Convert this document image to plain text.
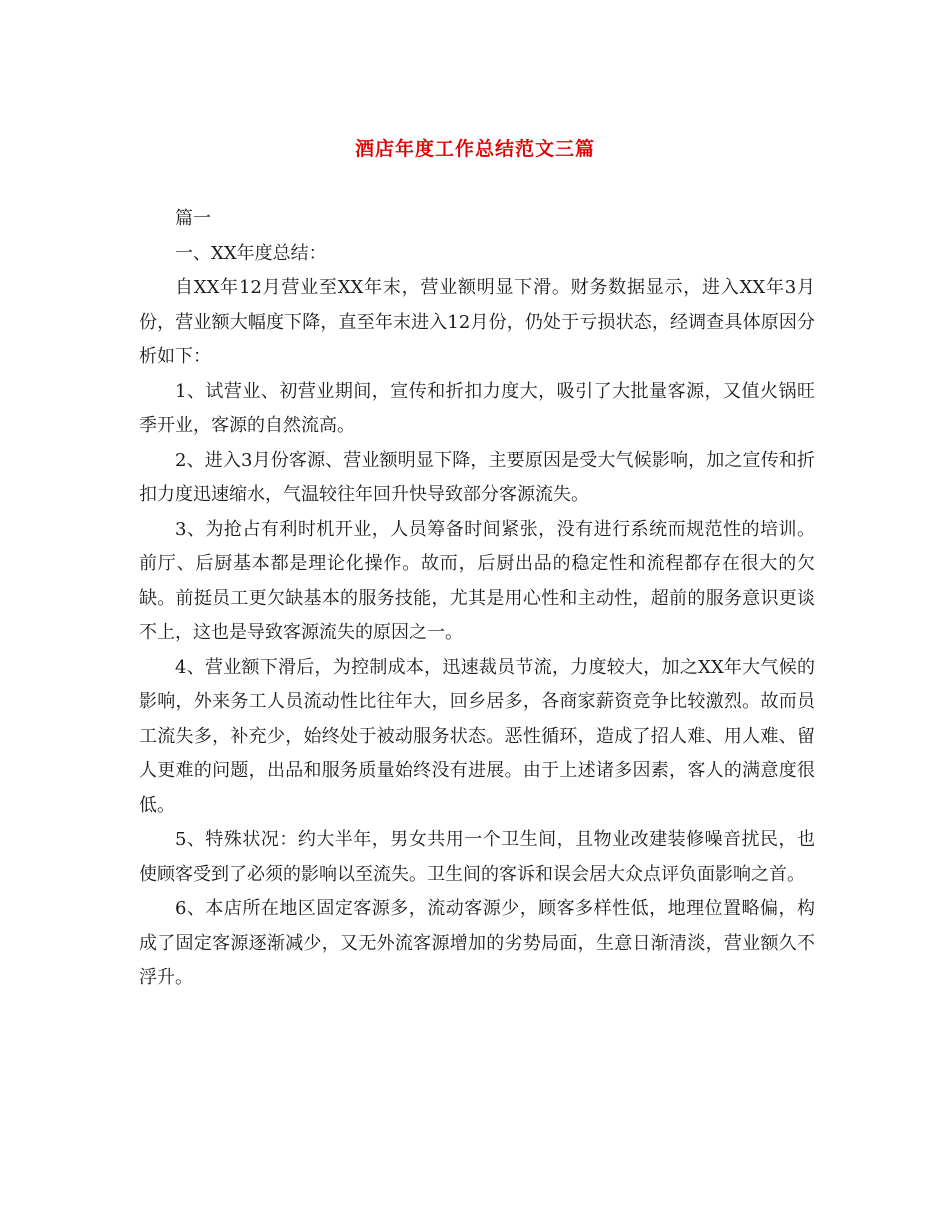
酒店年度工作总结范文三篇

篇一

一、XX年度总结：

自XX年12月营业至XX年末，营业额明显下滑。财务数据显示，进入XX年3月份，营业额大幅度下降，直至年末进入12月份，仍处于亏损状态，经调查具体原因分析如下：

1、试营业、初营业期间，宣传和折扣力度大，吸引了大批量客源，又值火锅旺季开业，客源的自然流高。

2、进入3月份客源、营业额明显下降，主要原因是受大气候影响，加之宣传和折扣力度迅速缩水，气温较往年回升快导致部分客源流失。

3、为抢占有利时机开业，人员筹备时间紧张，没有进行系统而规范性的培训。前厅、后厨基本都是理论化操作。故而，后厨出品的稳定性和流程都存在很大的欠缺。前挺员工更欠缺基本的服务技能，尤其是用心性和主动性，超前的服务意识更谈不上，这也是导致客源流失的原因之一。

4、营业额下滑后，为控制成本，迅速裁员节流，力度较大，加之XX年大气候的影响，外来务工人员流动性比往年大，回乡居多，各商家薪资竞争比较激烈。故而员工流失多，补充少，始终处于被动服务状态。恶性循环，造成了招人难、用人难、留人更难的问题，出品和服务质量始终没有进展。由于上述诸多因素，客人的满意度很低。

5、特殊状况：约大半年，男女共用一个卫生间，且物业改建装修噪音扰民，也使顾客受到了必须的影响以至流失。卫生间的客诉和误会居大众点评负面影响之首。

6、本店所在地区固定客源多，流动客源少，顾客多样性低，地理位置略偏，构成了固定客源逐渐减少，又无外流客源增加的劣势局面，生意日渐清淡，营业额久不浮升。
